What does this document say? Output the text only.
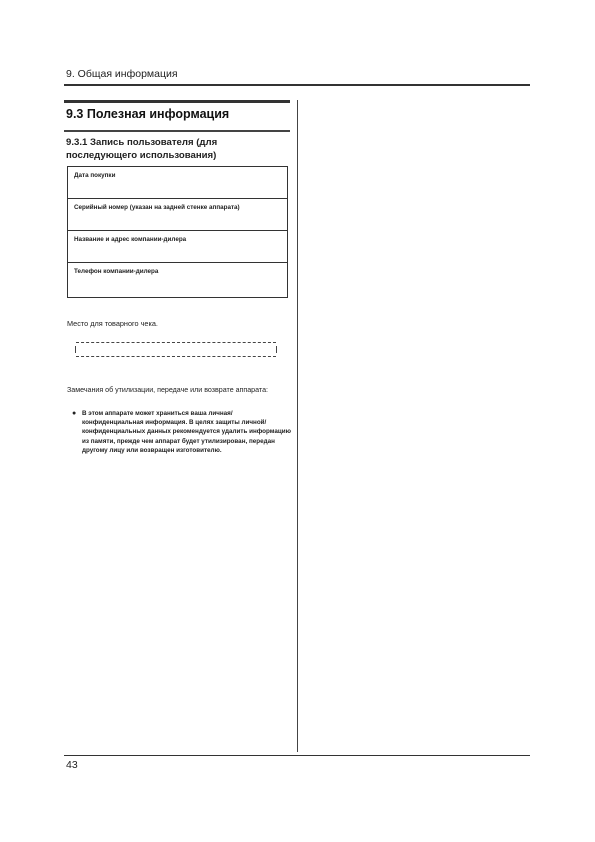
9. Общая информация
9.3 Полезная информация
9.3.1 Запись пользователя (для последующего использования)
Дата покупки
Серийный номер (указан на задней стенке аппарата)
Название и адрес компании-дилера
Телефон компании-дилера
Место для товарного чека.
Замечания об утилизации, передаче или возврате аппарата:
● В этом аппарате может храниться ваша личная/конфиденциальная информация. В целях защиты личной/конфиденциальных данных рекомендуется удалить информацию из памяти, прежде чем аппарат будет утилизирован, передан другому лицу или возвращен изготовителю.
43
